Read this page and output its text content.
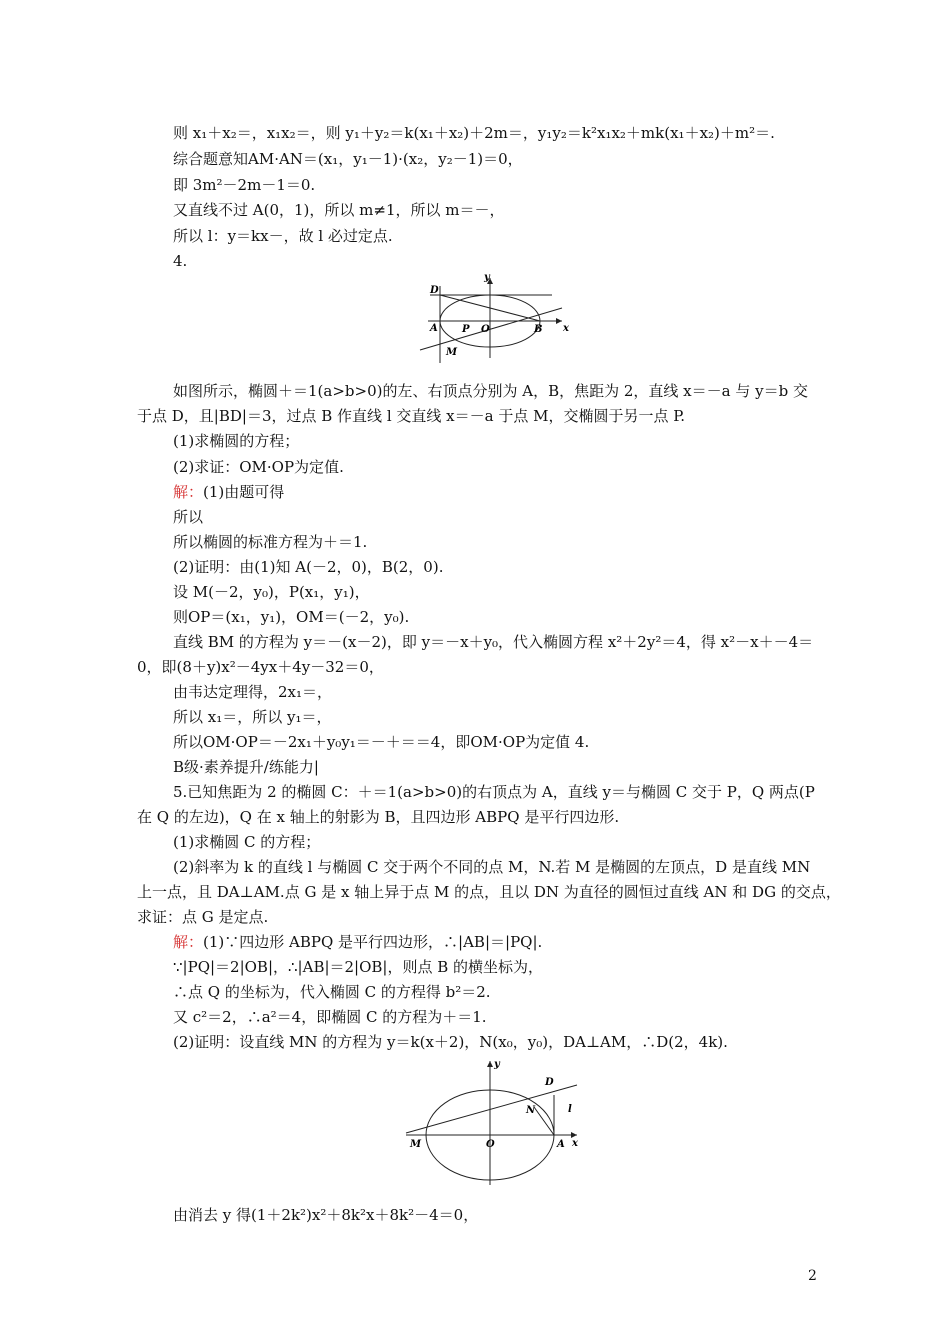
则 x₁＋x₂＝，x₁x₂＝，则 y₁＋y₂＝k(x₁＋x₂)＋2m＝，y₁y₂＝k²x₁x₂＋mk(x₁＋x₂)＋m²＝.
综合题意知AM·AN＝(x₁，y₁－1)·(x₂，y₂－1)＝0，
即 3m²－2m－1＝0.
又直线不过 A(0，1)，所以 m≠1，所以 m＝－，
所以 l：y＝kx－，故 l 必过定点.
4.
y
x
D
A P O	B
M
如图所示，椭圆＋＝1(a>b>0)的左、右顶点分别为 A，B，焦距为 2，直线 x＝－a 与 y＝b 交
于点 D，且|BD|＝3，过点 B 作直线 l 交直线 x＝－a 于点 M，交椭圆于另一点 P.
(1)求椭圆的方程；
(2)求证：OM·OP为定值.
解：(1)由题可得
所以
所以椭圆的标准方程为＋＝1.
(2)证明：由(1)知 A(－2，0)，B(2，0).
设 M(－2，y₀)，P(x₁，y₁)，
则OP＝(x₁，y₁)，OM＝(－2，y₀).
直线 BM 的方程为 y＝－(x－2)，即 y＝－x＋y₀，代入椭圆方程 x²＋2y²＝4，得 x²－x＋－4＝
0，即(8＋y)x²－4yx＋4y－32＝0，
由韦达定理得，2x₁＝，
所以 x₁＝，所以 y₁＝，
所以OM·OP＝－2x₁＋y₀y₁＝－＋＝＝4，即OM·OP为定值 4.
B级·素养提升/练能力|
5.已知焦距为 2 的椭圆 C：＋＝1(a>b>0)的右顶点为 A，直线 y＝与椭圆 C 交于 P，Q 两点(P
在 Q 的左边)，Q 在 x 轴上的射影为 B，且四边形 ABPQ 是平行四边形.
(1)求椭圆 C 的方程；
(2)斜率为 k 的直线 l 与椭圆 C 交于两个不同的点 M，N.若 M 是椭圆的左顶点，D 是直线 MN
上一点，且 DA⊥AM.点 G 是 x 轴上异于点 M 的点，且以 DN 为直径的圆恒过直线 AN 和 DG 的交点，
求证：点 G 是定点.
解：(1)∵四边形 ABPQ 是平行四边形，∴|AB|＝|PQ|.
∵|PQ|＝2|OB|，∴|AB|＝2|OB|，则点 B 的横坐标为，
∴点 Q 的坐标为，代入椭圆 C 的方程得 b²＝2.
又 c²＝2，∴a²＝4，即椭圆 C 的方程为＋＝1.
(2)证明：设直线 MN 的方程为 y＝k(x＋2)，N(x₀，y₀)，DA⊥AM，∴D(2，4k).
y
x
D
N	l
M	O	A
由消去 y 得(1＋2k²)x²＋8k²x＋8k²－4＝0，
2
